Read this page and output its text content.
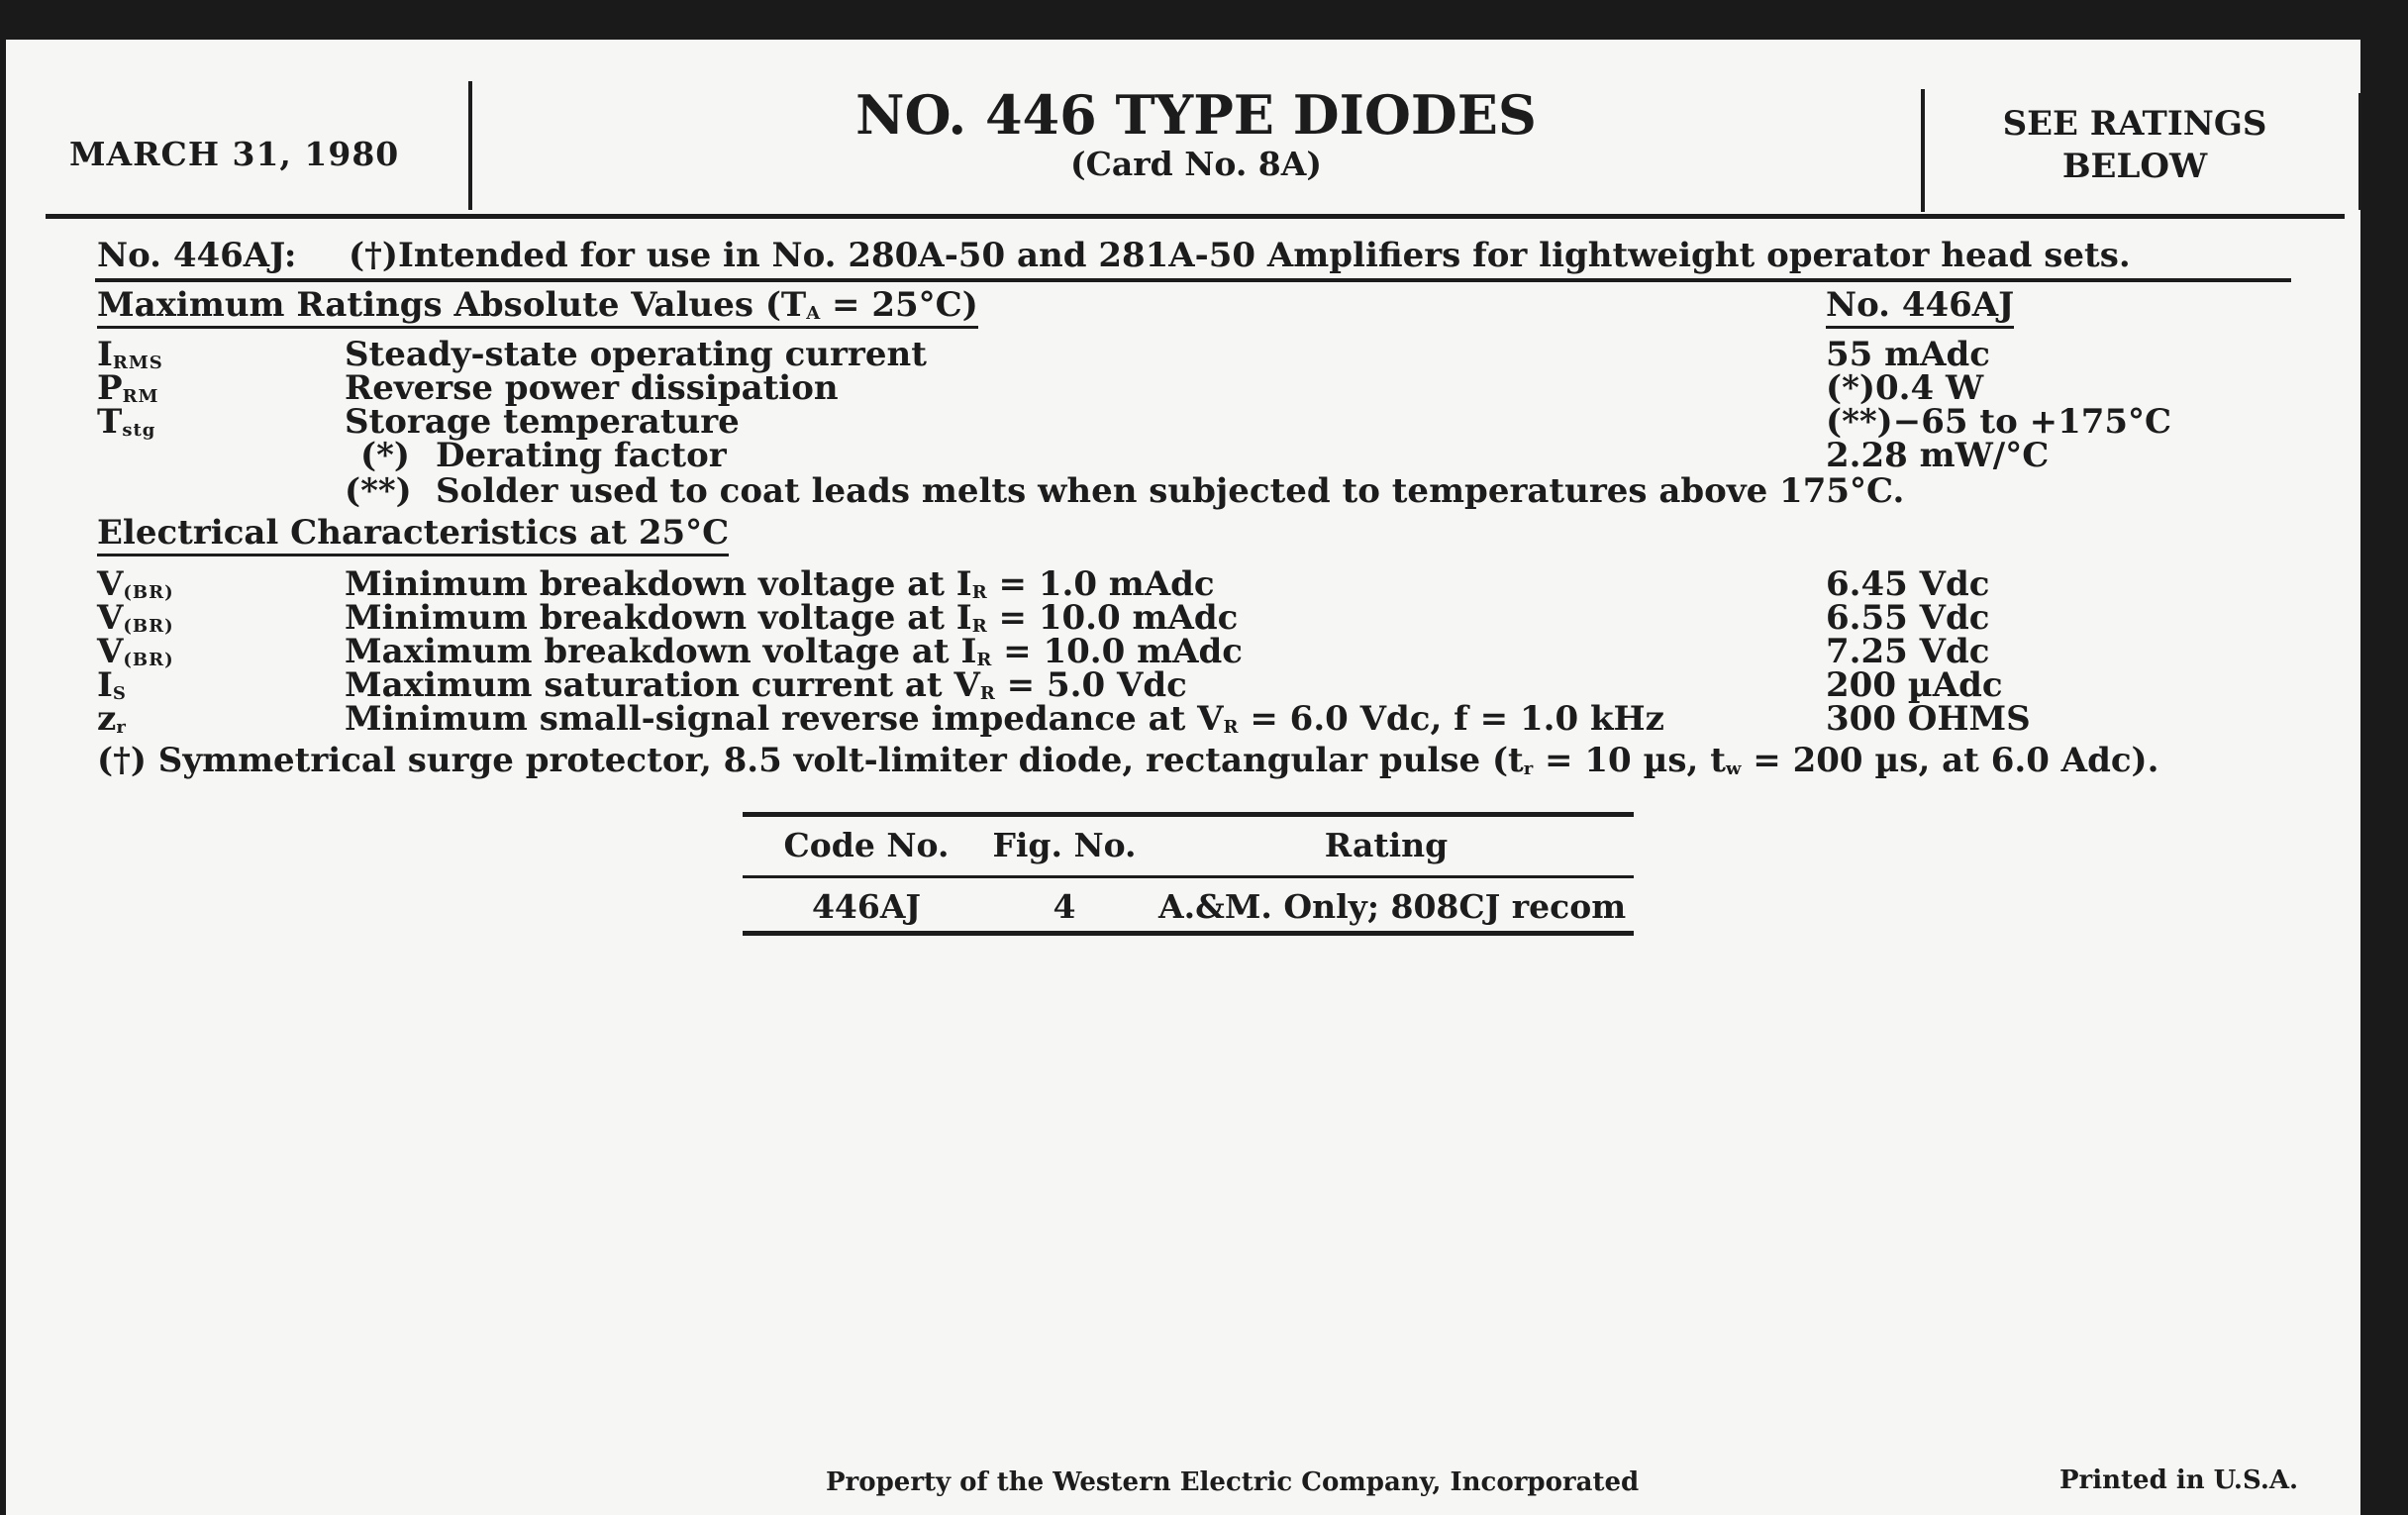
MARCH 31, 1980
NO. 446 TYPE DIODES
(Card No. 8A)
SEE RATINGS
BELOW
No. 446AJ: (†)Intended for use in No. 280A-50 and 281A-50 Amplifiers for lightweight operator head sets.
Maximum Ratings Absolute Values $(T_A = 25^\circ C)$	No. 446AJ
$I_{RMS}$	Steady-state operating current	55 mAdc
$P_{RM}$	Reverse power dissipation	(*)0.4 W
$T_{stg}$	Storage temperature	(**)−65 to +175°C
(*) Derating factor	2.28 mW/°C
(**) Solder used to coat leads melts when subjected to temperatures above 175°C.
Electrical Characteristics at 25°C
$V_{(BR)}$	Minimum breakdown voltage at $I_R = 1.0$ mAdc	6.45 Vdc
$V_{(BR)}$	Minimum breakdown voltage at $I_R = 10.0$ mAdc	6.55 Vdc
$V_{(BR)}$	Maximum breakdown voltage at $I_R = 10.0$ mAdc	7.25 Vdc
$I_S$	Maximum saturation current at $V_R = 5.0$ Vdc	200 µAdc
$z_r$	Minimum small-signal reverse impedance at $V_R = 6.0$ Vdc, f = 1.0 kHz	300 OHMS
(†) Symmetrical surge protector, 8.5 volt-limiter diode, rectangular pulse ($t_r = 10$ µs, $t_w = 200$ µs, at 6.0 Adc).
Code No.	Fig. No.	Rating
446AJ	4	A.&M. Only; 808CJ recom
Property of the Western Electric Company, Incorporated	Printed in U.S.A.
